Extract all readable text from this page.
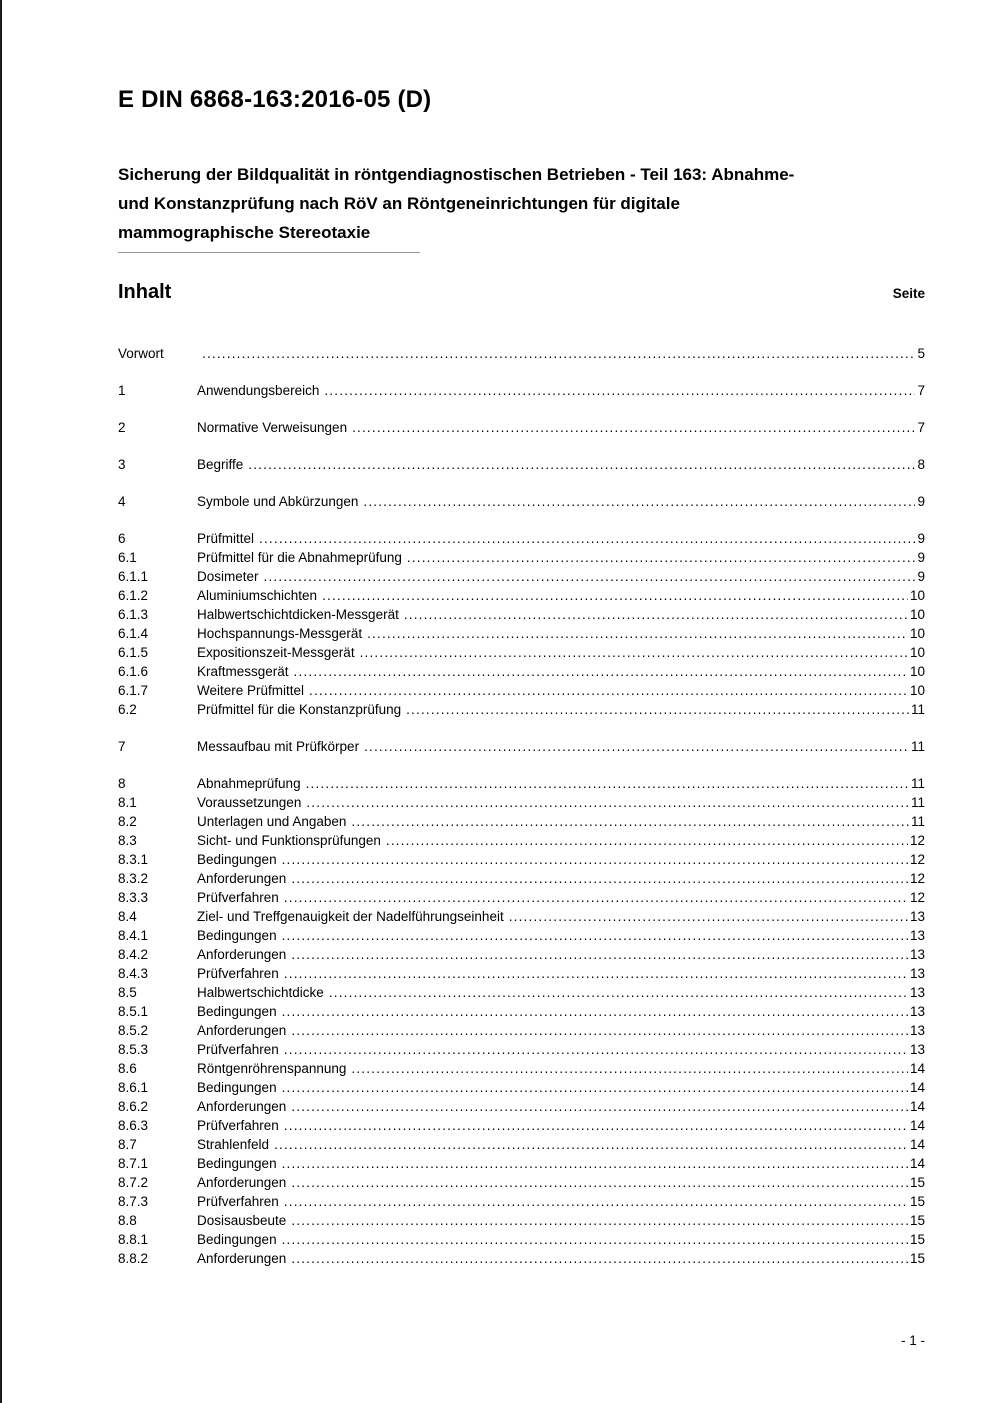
E DIN 6868-163:2016-05 (D)
Sicherung der Bildqualität in röntgendiagnostischen Betrieben - Teil 163: Abnahme-
und Konstanzprüfung nach RöV an Röntgeneinrichtungen für digitale
mammographische Stereotaxie
Inhalt	Seite
Vorwort .....	5
1	Anwendungsbereich .....	7
2	Normative Verweisungen .....	7
3	Begriffe .....	8
4	Symbole und Abkürzungen .....	9
6	Prüfmittel .....	9
6.1	Prüfmittel für die Abnahmeprüfung .....	9
6.1.1	Dosimeter .....	9
6.1.2	Aluminiumschichten .....	10
6.1.3	Halbwertschichtdicken-Messgerät .....	10
6.1.4	Hochspannungs-Messgerät .....	10
6.1.5	Expositionszeit-Messgerät .....	10
6.1.6	Kraftmessgerät .....	10
6.1.7	Weitere Prüfmittel .....	10
6.2	Prüfmittel für die Konstanzprüfung .....	11
7	Messaufbau mit Prüfkörper .....	11
8	Abnahmeprüfung .....	11
8.1	Voraussetzungen .....	11
8.2	Unterlagen und Angaben .....	11
8.3	Sicht- und Funktionsprüfungen .....	12
8.3.1	Bedingungen .....	12
8.3.2	Anforderungen .....	12
8.3.3	Prüfverfahren .....	12
8.4	Ziel- und Treffgenauigkeit der Nadelführungseinheit .....	13
8.4.1	Bedingungen .....	13
8.4.2	Anforderungen .....	13
8.4.3	Prüfverfahren .....	13
8.5	Halbwertschichtdicke .....	13
8.5.1	Bedingungen .....	13
8.5.2	Anforderungen .....	13
8.5.3	Prüfverfahren .....	13
8.6	Röntgenröhrenspannung .....	14
8.6.1	Bedingungen .....	14
8.6.2	Anforderungen .....	14
8.6.3	Prüfverfahren .....	14
8.7	Strahlenfeld .....	14
8.7.1	Bedingungen .....	14
8.7.2	Anforderungen .....	15
8.7.3	Prüfverfahren .....	15
8.8	Dosisausbeute .....	15
8.8.1	Bedingungen .....	15
8.8.2	Anforderungen .....	15
- 1 -
